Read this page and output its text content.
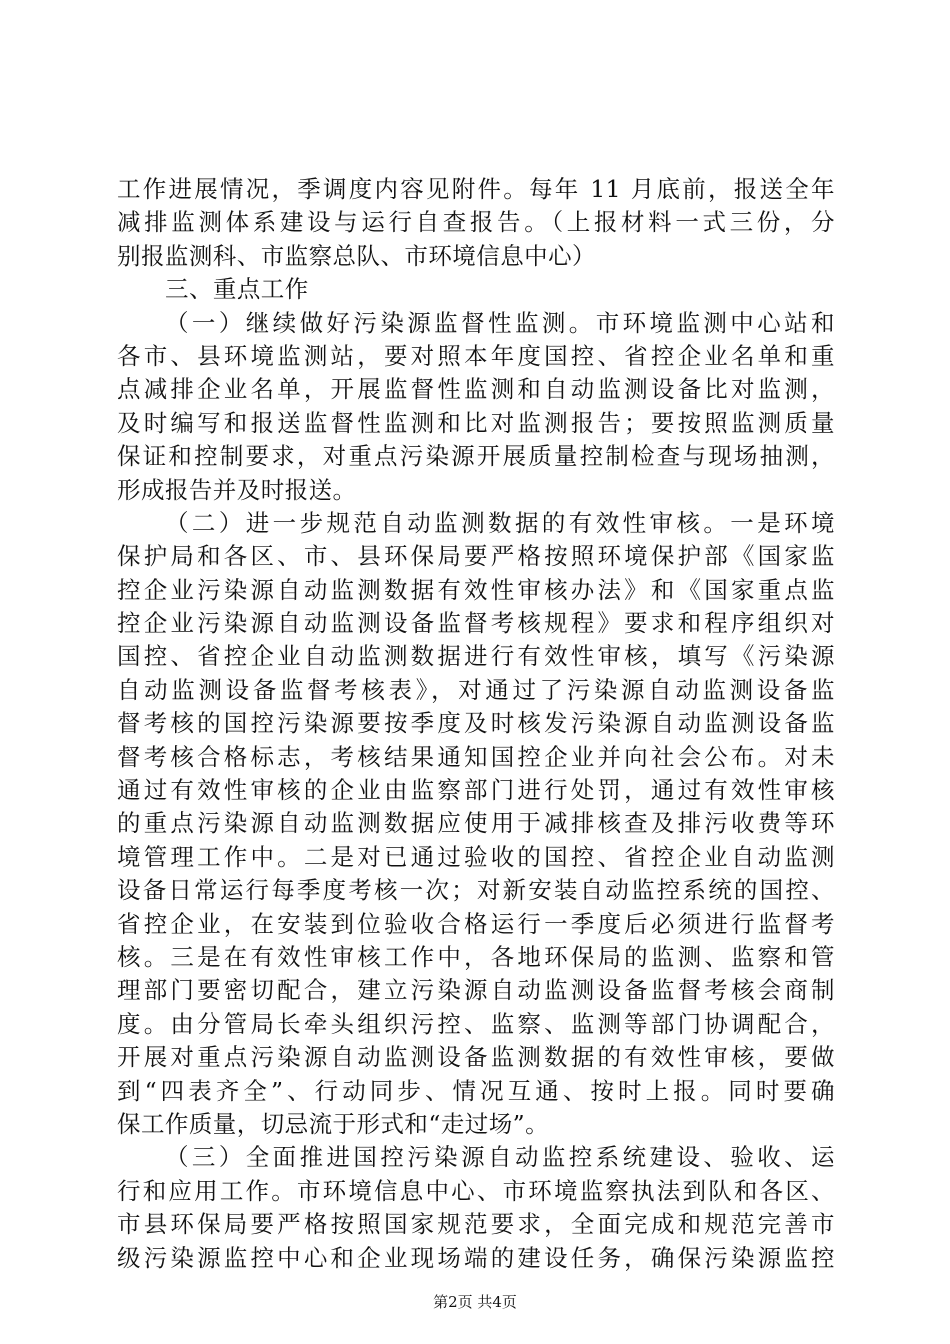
工作进展情况，季调度内容见附件。每年 11 月底前，报送全年
减排监测体系建设与运行自查报告。（上报材料一式三份，分
别报监测科、市监察总队、市环境信息中心）
三、重点工作
（一）继续做好污染源监督性监测。市环境监测中心站和
各市、县环境监测站，要对照本年度国控、省控企业名单和重
点减排企业名单，开展监督性监测和自动监测设备比对监测，
及时编写和报送监督性监测和比对监测报告；要按照监测质量
保证和控制要求，对重点污染源开展质量控制检查与现场抽测，
形成报告并及时报送。
（二）进一步规范自动监测数据的有效性审核。一是环境
保护局和各区、市、县环保局要严格按照环境保护部《国家监
控企业污染源自动监测数据有效性审核办法》和《国家重点监
控企业污染源自动监测设备监督考核规程》要求和程序组织对
国控、省控企业自动监测数据进行有效性审核，填写《污染源
自动监测设备监督考核表》，对通过了污染源自动监测设备监
督考核的国控污染源要按季度及时核发污染源自动监测设备监
督考核合格标志，考核结果通知国控企业并向社会公布。对未
通过有效性审核的企业由监察部门进行处罚，通过有效性审核
的重点污染源自动监测数据应使用于减排核查及排污收费等环
境管理工作中。二是对已通过验收的国控、省控企业自动监测
设备日常运行每季度考核一次；对新安装自动监控系统的国控、
省控企业，在安装到位验收合格运行一季度后必须进行监督考
核。三是在有效性审核工作中，各地环保局的监测、监察和管
理部门要密切配合，建立污染源自动监测设备监督考核会商制
度。由分管局长牵头组织污控、监察、监测等部门协调配合，
开展对重点污染源自动监测设备监测数据的有效性审核，要做
到“四表齐全”、行动同步、情况互通、按时上报。同时要确
保工作质量，切忌流于形式和“走过场”。
（三）全面推进国控污染源自动监控系统建设、验收、运
行和应用工作。市环境信息中心、市环境监察执法到队和各区、
市县环保局要严格按照国家规范要求，全面完成和规范完善市
级污染源监控中心和企业现场端的建设任务，确保污染源监控
第2页 共4页
